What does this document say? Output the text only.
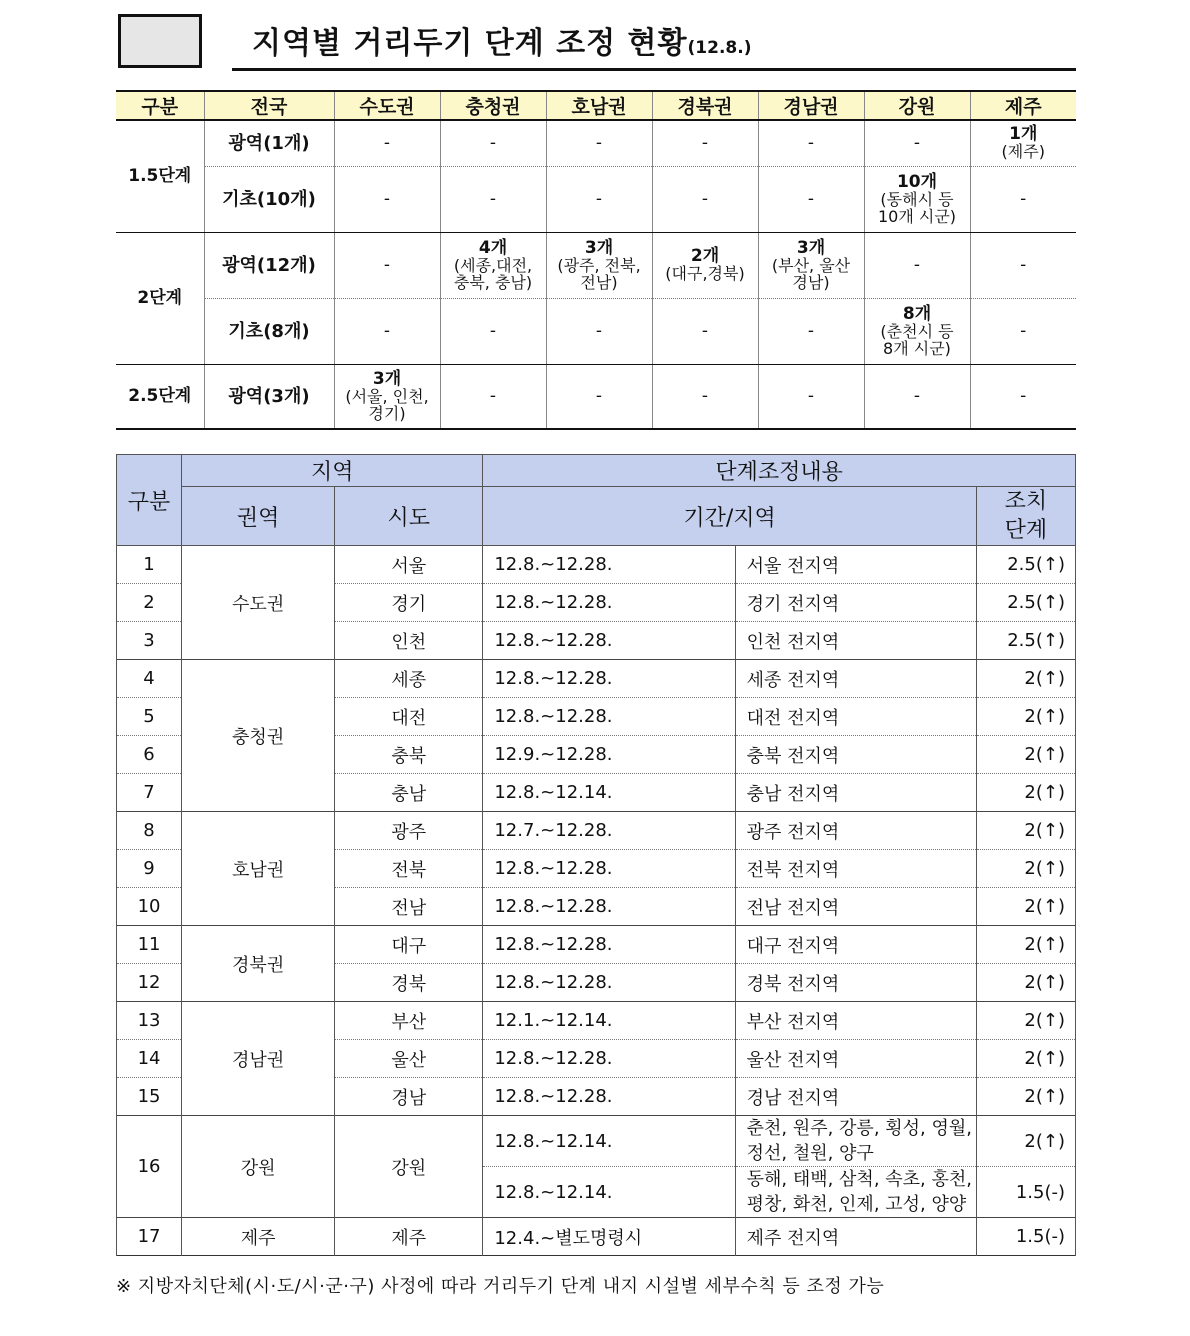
지역별 거리두기 단계 조정 현황(12.8.)
구분	전국	수도권	충청권	호남권	경북권	경남권	강원	제주
1.5단계	광역(1개)	-	-	-	-	-	-	1개
(제주)

	기초(10개)	-	-	-	-	-	10개
(동해시 등
10개 시군)	-
2단계	광역(12개)	-	4개
(세종,대전,
충북, 충남)	3개
(광주, 전북,
전남)	2개
(대구,경북)	3개
(부산, 울산
경남)	-	-
	기초(8개)	-	-	-	-	-	8개
(춘천시 등
8개 시군)	-
2.5단계	광역(3개)	3개
(서울, 인천,
경기)	-	-	-	-	-	-
구분	지역		단계조정내용		
	권역	시도	기간/지역		조치
단계
1	수도권	서울	12.8.~12.28.	서울 전지역	2.5(↑)
2		경기	12.8.~12.28.	경기 전지역	2.5(↑)
3		인천	12.8.~12.28.	인천 전지역	2.5(↑)
4	충청권	세종	12.8.~12.28.	세종 전지역	2(↑)
5		대전	12.8.~12.28.	대전 전지역	2(↑)
6		충북	12.9.~12.28.	충북 전지역	2(↑)
7		충남	12.8.~12.14.	충남 전지역	2(↑)
8	호남권	광주	12.7.~12.28.	광주 전지역	2(↑)
9		전북	12.8.~12.28.	전북 전지역	2(↑)
10		전남	12.8.~12.28.	전남 전지역	2(↑)
11	경북권	대구	12.8.~12.28.	대구 전지역	2(↑)
12		경북	12.8.~12.28.	경북 전지역	2(↑)
13	경남권	부산	12.1.~12.14.	부산 전지역	2(↑)
14		울산	12.8.~12.28.	울산 전지역	2(↑)
15		경남	12.8.~12.28.	경남 전지역	2(↑)
16	강원	강원	12.8.~12.14.	춘천, 원주, 강릉, 횡성, 영월,
정선, 철원, 양구	2(↑)
			12.8.~12.14.	동해, 태백, 삼척, 속초, 홍천,
평창, 화천, 인제, 고성, 양양	1.5(-)
17	제주	제주	12.4.~별도명령시	제주 전지역	1.5(-)
※ 지방자치단체(시·도/시·군·구) 사정에 따라 거리두기 단계 내지 시설별 세부수칙 등 조정 가능
